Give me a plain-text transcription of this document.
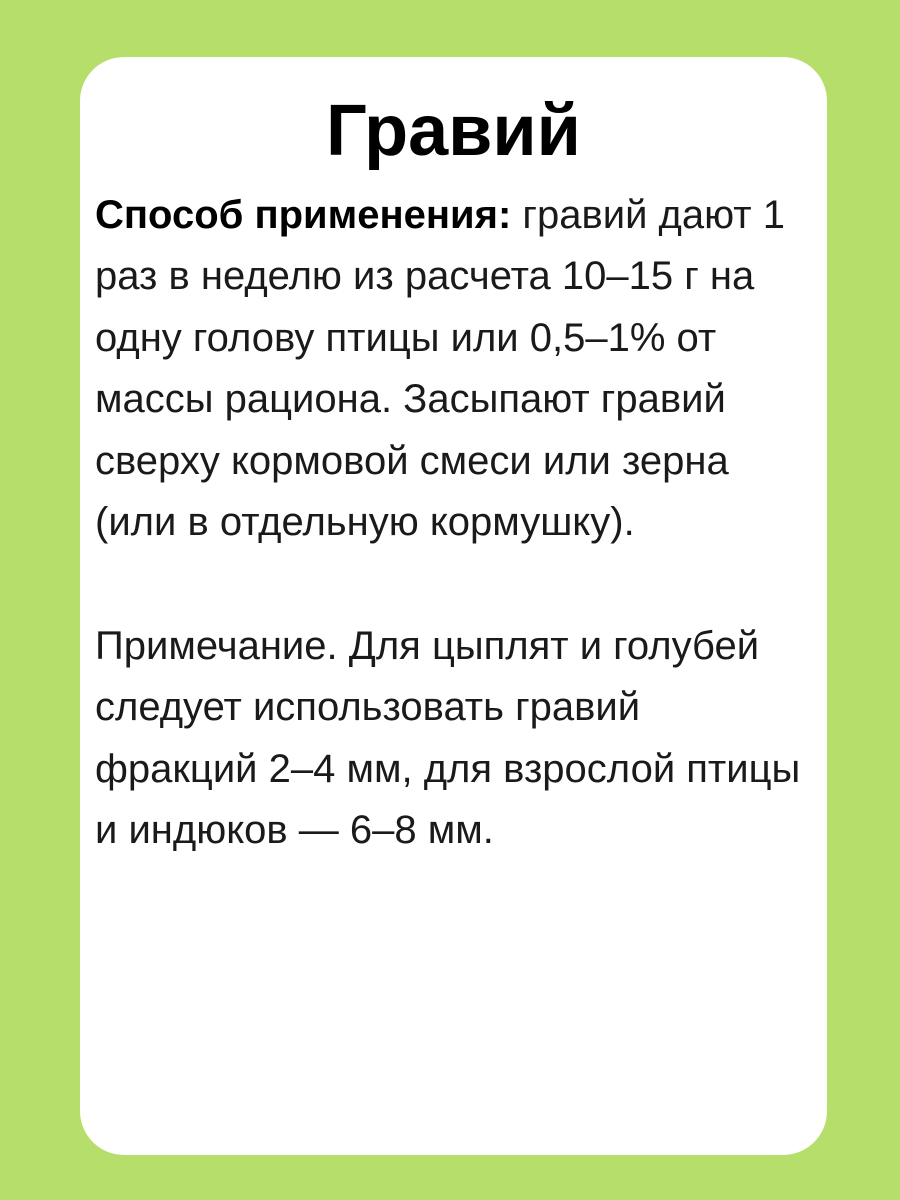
Гравий

Способ применения: гравий дают 1 раз в неделю из расчета 10–15 г на одну голову птицы или 0,5–1% от массы рациона. Засыпают гравий сверху кормовой смеси или зерна (или в отдельную кормушку).

Примечание. Для цыплят и голубей следует использовать гравий фракций 2–4 мм, для взрослой птицы и индюков — 6–8 мм.
